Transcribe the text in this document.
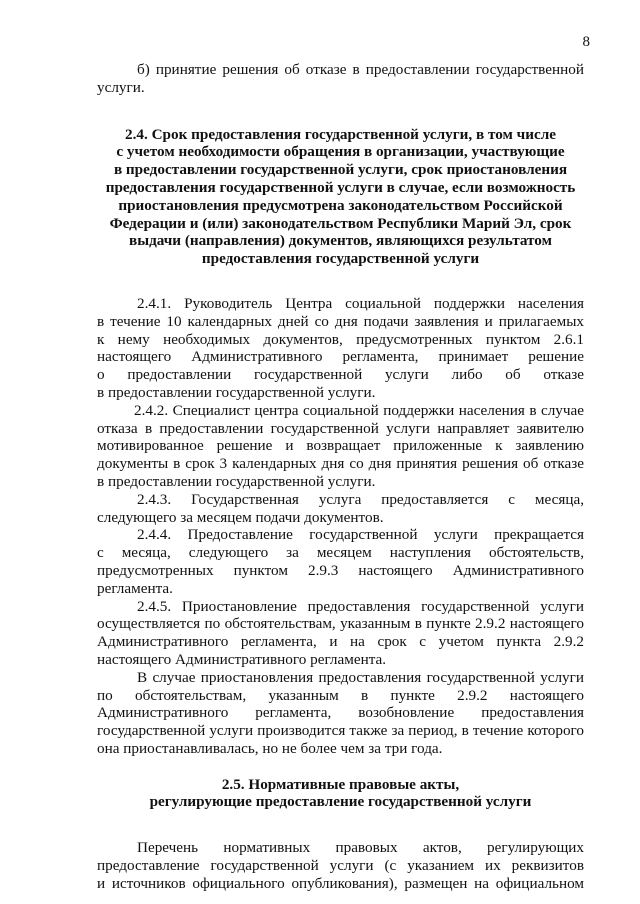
8
б) принятие решения об отказе в предоставлении государственной
услуги.
2.4. Срок предоставления государственной услуги, в том числе
с учетом необходимости обращения в организации, участвующие
в предоставлении государственной услуги, срок приостановления
предоставления государственной услуги в случае, если возможность
приостановления предусмотрена законодательством Российской
Федерации и (или) законодательством Республики Марий Эл, срок
выдачи (направления) документов, являющихся результатом
предоставления государственной услуги
2.4.1. Руководитель Центра социальной поддержки населения
в течение 10 календарных дней со дня подачи заявления и прилагаемых
к нему необходимых документов, предусмотренных пунктом 2.6.1
настоящего Административного регламента, принимает решение
о предоставлении государственной услуги либо об отказе
в предоставлении государственной услуги.
2.4.2. Специалист центра социальной поддержки населения в случае
отказа в предоставлении государственной услуги направляет заявителю
мотивированное решение и возвращает приложенные к заявлению
документы в срок 3 календарных дня со дня принятия решения об отказе
в предоставлении государственной услуги.
2.4.3. Государственная услуга предоставляется с месяца,
следующего за месяцем подачи документов.
2.4.4. Предоставление государственной услуги прекращается
с месяца, следующего за месяцем наступления обстоятельств,
предусмотренных пунктом 2.9.3 настоящего Административного
регламента.
2.4.5. Приостановление предоставления государственной услуги
осуществляется по обстоятельствам, указанным в пункте 2.9.2 настоящего
Административного регламента, и на срок с учетом пункта 2.9.2
настоящего Административного регламента.
В случае приостановления предоставления государственной услуги
по обстоятельствам, указанным в пункте 2.9.2 настоящего
Административного регламента, возобновление предоставления
государственной услуги производится также за период, в течение которого
она приостанавливалась, но не более чем за три года.
2.5. Нормативные правовые акты,
регулирующие предоставление государственной услуги
Перечень нормативных правовых актов, регулирующих
предоставление государственной услуги (с указанием их реквизитов
и источников официального опубликования), размещен на официальном
